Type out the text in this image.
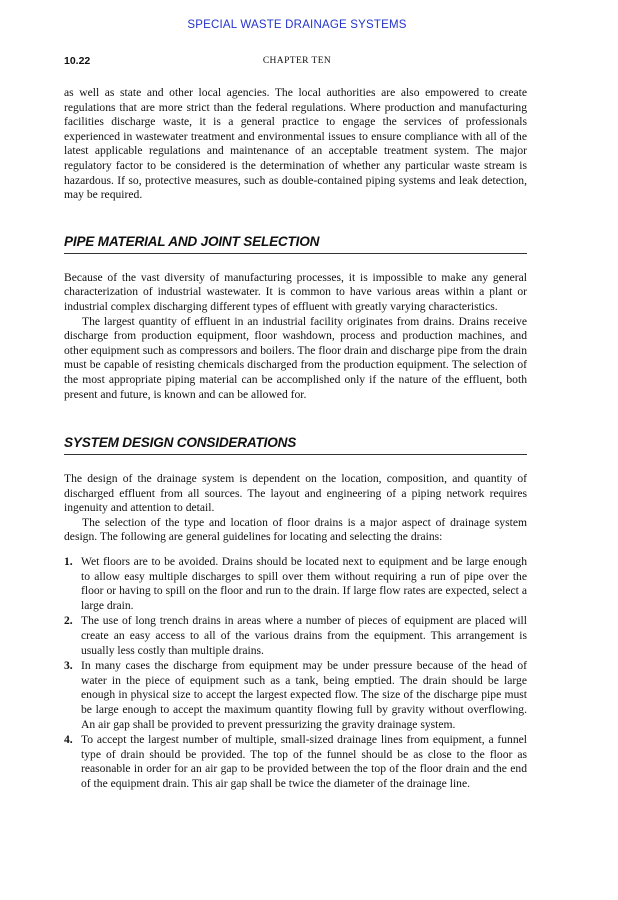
SPECIAL WASTE DRAINAGE SYSTEMS
10.22	CHAPTER TEN

as well as state and other local agencies. The local authorities are also empowered to create regulations that are more strict than the federal regulations. Where production and manufacturing facilities discharge waste, it is a general practice to engage the services of professionals experienced in wastewater treatment and environmental issues to ensure compliance with all of the latest applicable regulations and maintenance of an acceptable treatment system. The major regulatory factor to be considered is the determination of whether any particular waste stream is hazardous. If so, protective measures, such as double-contained piping systems and leak detection, may be required.

PIPE MATERIAL AND JOINT SELECTION

Because of the vast diversity of manufacturing processes, it is impossible to make any general characterization of industrial wastewater. It is common to have various areas within a plant or industrial complex discharging different types of effluent with greatly varying characteristics.

The largest quantity of effluent in an industrial facility originates from drains. Drains receive discharge from production equipment, floor washdown, process and production machines, and other equipment such as compressors and boilers. The floor drain and discharge pipe from the drain must be capable of resisting chemicals discharged from the production equipment. The selection of the most appropriate piping material can be accomplished only if the nature of the effluent, both present and future, is known and can be allowed for.

SYSTEM DESIGN CONSIDERATIONS

The design of the drainage system is dependent on the location, composition, and quantity of discharged effluent from all sources. The layout and engineering of a piping network requires ingenuity and attention to detail.

The selection of the type and location of floor drains is a major aspect of drainage system design. The following are general guidelines for locating and selecting the drains:

1. Wet floors are to be avoided. Drains should be located next to equipment and be large enough to allow easy multiple discharges to spill over them without requiring a run of pipe over the floor or having to spill on the floor and run to the drain. If large flow rates are expected, select a large drain.

2. The use of long trench drains in areas where a number of pieces of equipment are placed will create an easy access to all of the various drains from the equipment. This arrangement is usually less costly than multiple drains.

3. In many cases the discharge from equipment may be under pressure because of the head of water in the piece of equipment such as a tank, being emptied. The drain should be large enough in physical size to accept the largest expected flow. The size of the discharge pipe must be large enough to accept the maximum quantity flowing full by gravity without overflowing. An air gap shall be provided to prevent pressurizing the gravity drainage system.

4. To accept the largest number of multiple, small-sized drainage lines from equipment, a funnel type of drain should be provided. The top of the funnel should be as close to the floor as reasonable in order for an air gap to be provided between the top of the floor drain and the end of the equipment drain. This air gap shall be twice the diameter of the drainage line.
